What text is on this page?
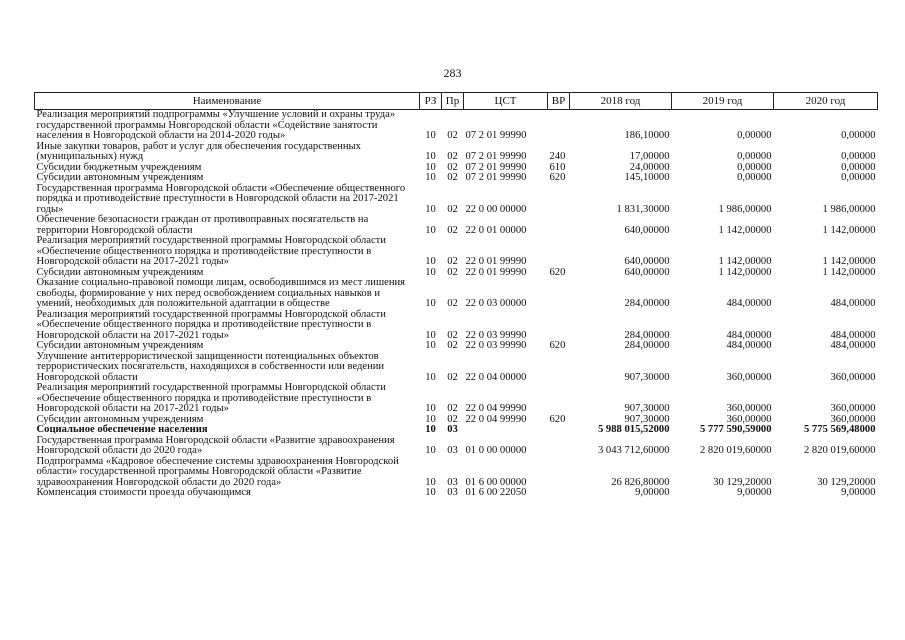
283
Наименование	РЗ	Пр	ЦСТ	ВР	2018 год	2019 год	2020 год
Реализация мероприятий подпрограммы «Улучшение условий и охраны труда» государственной программы Новгородской области «Содействие занятости населения в Новгородской области на 2014-2020 годы»	10	02	07 2 01 99990		186,10000	0,00000	0,00000
Иные закупки товаров, работ и услуг для обеспечения государственных (муниципальных) нужд	10	02	07 2 01 99990	240	17,00000	0,00000	0,00000
Субсидии бюджетным учреждениям	10	02	07 2 01 99990	610	24,00000	0,00000	0,00000
Субсидии автономным учреждениям	10	02	07 2 01 99990	620	145,10000	0,00000	0,00000
Государственная программа Новгородской области «Обеспечение общественного порядка и противодействие преступности в Новгородской области на 2017-2021 годы»	10	02	22 0 00 00000		1 831,30000	1 986,00000	1 986,00000
Обеспечение безопасности граждан от противоправных посягательств на территории Новгородской области	10	02	22 0 01 00000		640,00000	1 142,00000	1 142,00000
Реализация мероприятий государственной программы Новгородской области «Обеспечение общественного порядка и противодействие преступности в Новгородской области на 2017-2021 годы»	10	02	22 0 01 99990		640,00000	1 142,00000	1 142,00000
Субсидии автономным учреждениям	10	02	22 0 01 99990	620	640,00000	1 142,00000	1 142,00000
Оказание социально-правовой помощи лицам, освободившимся из мест лишения свободы, формирование у них перед освобождением социальных навыков и умений, необходимых для положительной адаптации в обществе	10	02	22 0 03 00000		284,00000	484,00000	484,00000
Реализация мероприятий государственной программы Новгородской области «Обеспечение общественного порядка и противодействие преступности в Новгородской области на 2017-2021 годы»	10	02	22 0 03 99990		284,00000	484,00000	484,00000
Субсидии автономным учреждениям	10	02	22 0 03 99990	620	284,00000	484,00000	484,00000
Улучшение антитеррористической защищенности потенциальных объектов террористических посягательств, находящихся в собственности или ведении Новгородской области	10	02	22 0 04 00000		907,30000	360,00000	360,00000
Реализация мероприятий государственной программы Новгородской области «Обеспечение общественного порядка и противодействие преступности в Новгородской области на 2017-2021 годы»	10	02	22 0 04 99990		907,30000	360,00000	360,00000
Субсидии автономным учреждениям	10	02	22 0 04 99990	620	907,30000	360,00000	360,00000
Социальное обеспечение населения	10	03			5 988 015,52000	5 777 590,59000	5 775 569,48000
Государственная программа Новгородской области «Развитие здравоохранения Новгородской области до 2020 года»	10	03	01 0 00 00000		3 043 712,60000	2 820 019,60000	2 820 019,60000
Подпрограмма «Кадровое обеспечение системы здравоохранения Новгородской области» государственной программы Новгородской области «Развитие здравоохранения Новгородской области до 2020 года»	10	03	01 6 00 00000		26 826,80000	30 129,20000	30 129,20000
Компенсация стоимости проезда обучающимся	10	03	01 6 00 22050		9,00000	9,00000	9,00000
